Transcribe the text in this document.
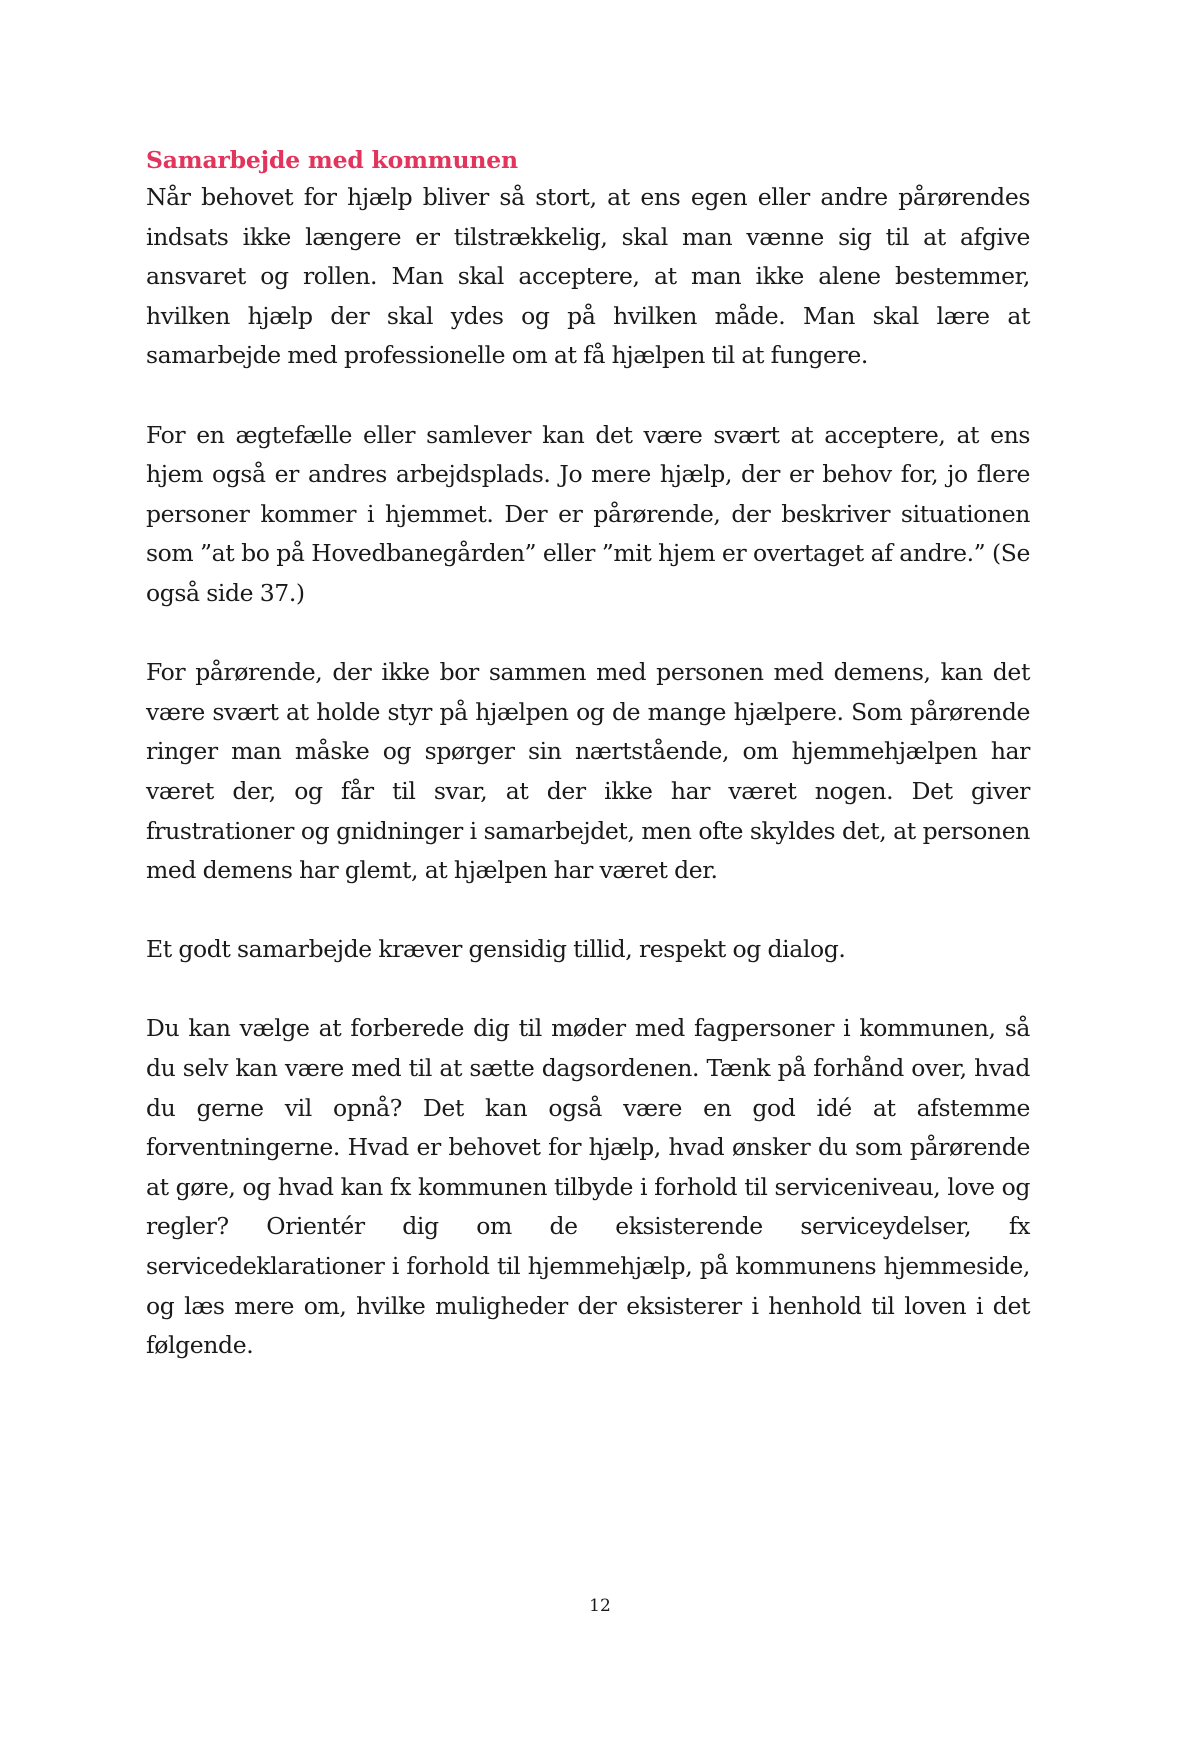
Samarbejde med kommunen

Når behovet for hjælp bliver så stort, at ens egen eller andre pårørendes indsats ikke længere er tilstrækkelig, skal man vænne sig til at afgive ansvaret og rollen. Man skal acceptere, at man ikke alene bestemmer, hvilken hjælp der skal ydes og på hvilken måde. Man skal lære at samarbejde med professionelle om at få hjælpen til at fungere.

For en ægtefælle eller samlever kan det være svært at acceptere, at ens hjem også er andres arbejdsplads. Jo mere hjælp, der er behov for, jo flere personer kommer i hjemmet. Der er pårørende, der beskriver situationen som ”at bo på Hovedbanegården” eller ”mit hjem er overtaget af andre.” (Se også side 37.)

For pårørende, der ikke bor sammen med personen med demens, kan det være svært at holde styr på hjælpen og de mange hjælpere. Som pårørende ringer man måske og spørger sin nærtstående, om hjemmehjælpen har været der, og får til svar, at der ikke har været nogen. Det giver frustrationer og gnidninger i samarbejdet, men ofte skyldes det, at personen med demens har glemt, at hjælpen har været der.

Et godt samarbejde kræver gensidig tillid, respekt og dialog.

Du kan vælge at forberede dig til møder med fagpersoner i kommunen, så du selv kan være med til at sætte dagsordenen. Tænk på forhånd over, hvad du gerne vil opnå? Det kan også være en god idé at afstemme forventningerne. Hvad er behovet for hjælp, hvad ønsker du som pårørende at gøre, og hvad kan fx kommunen tilbyde i forhold til serviceniveau, love og regler? Orientér dig om de eksisterende serviceydelser, fx servicedeklarationer i forhold til hjemmehjælp, på kommunens hjemmeside, og læs mere om, hvilke muligheder der eksisterer i henhold til loven i det følgende.

12
